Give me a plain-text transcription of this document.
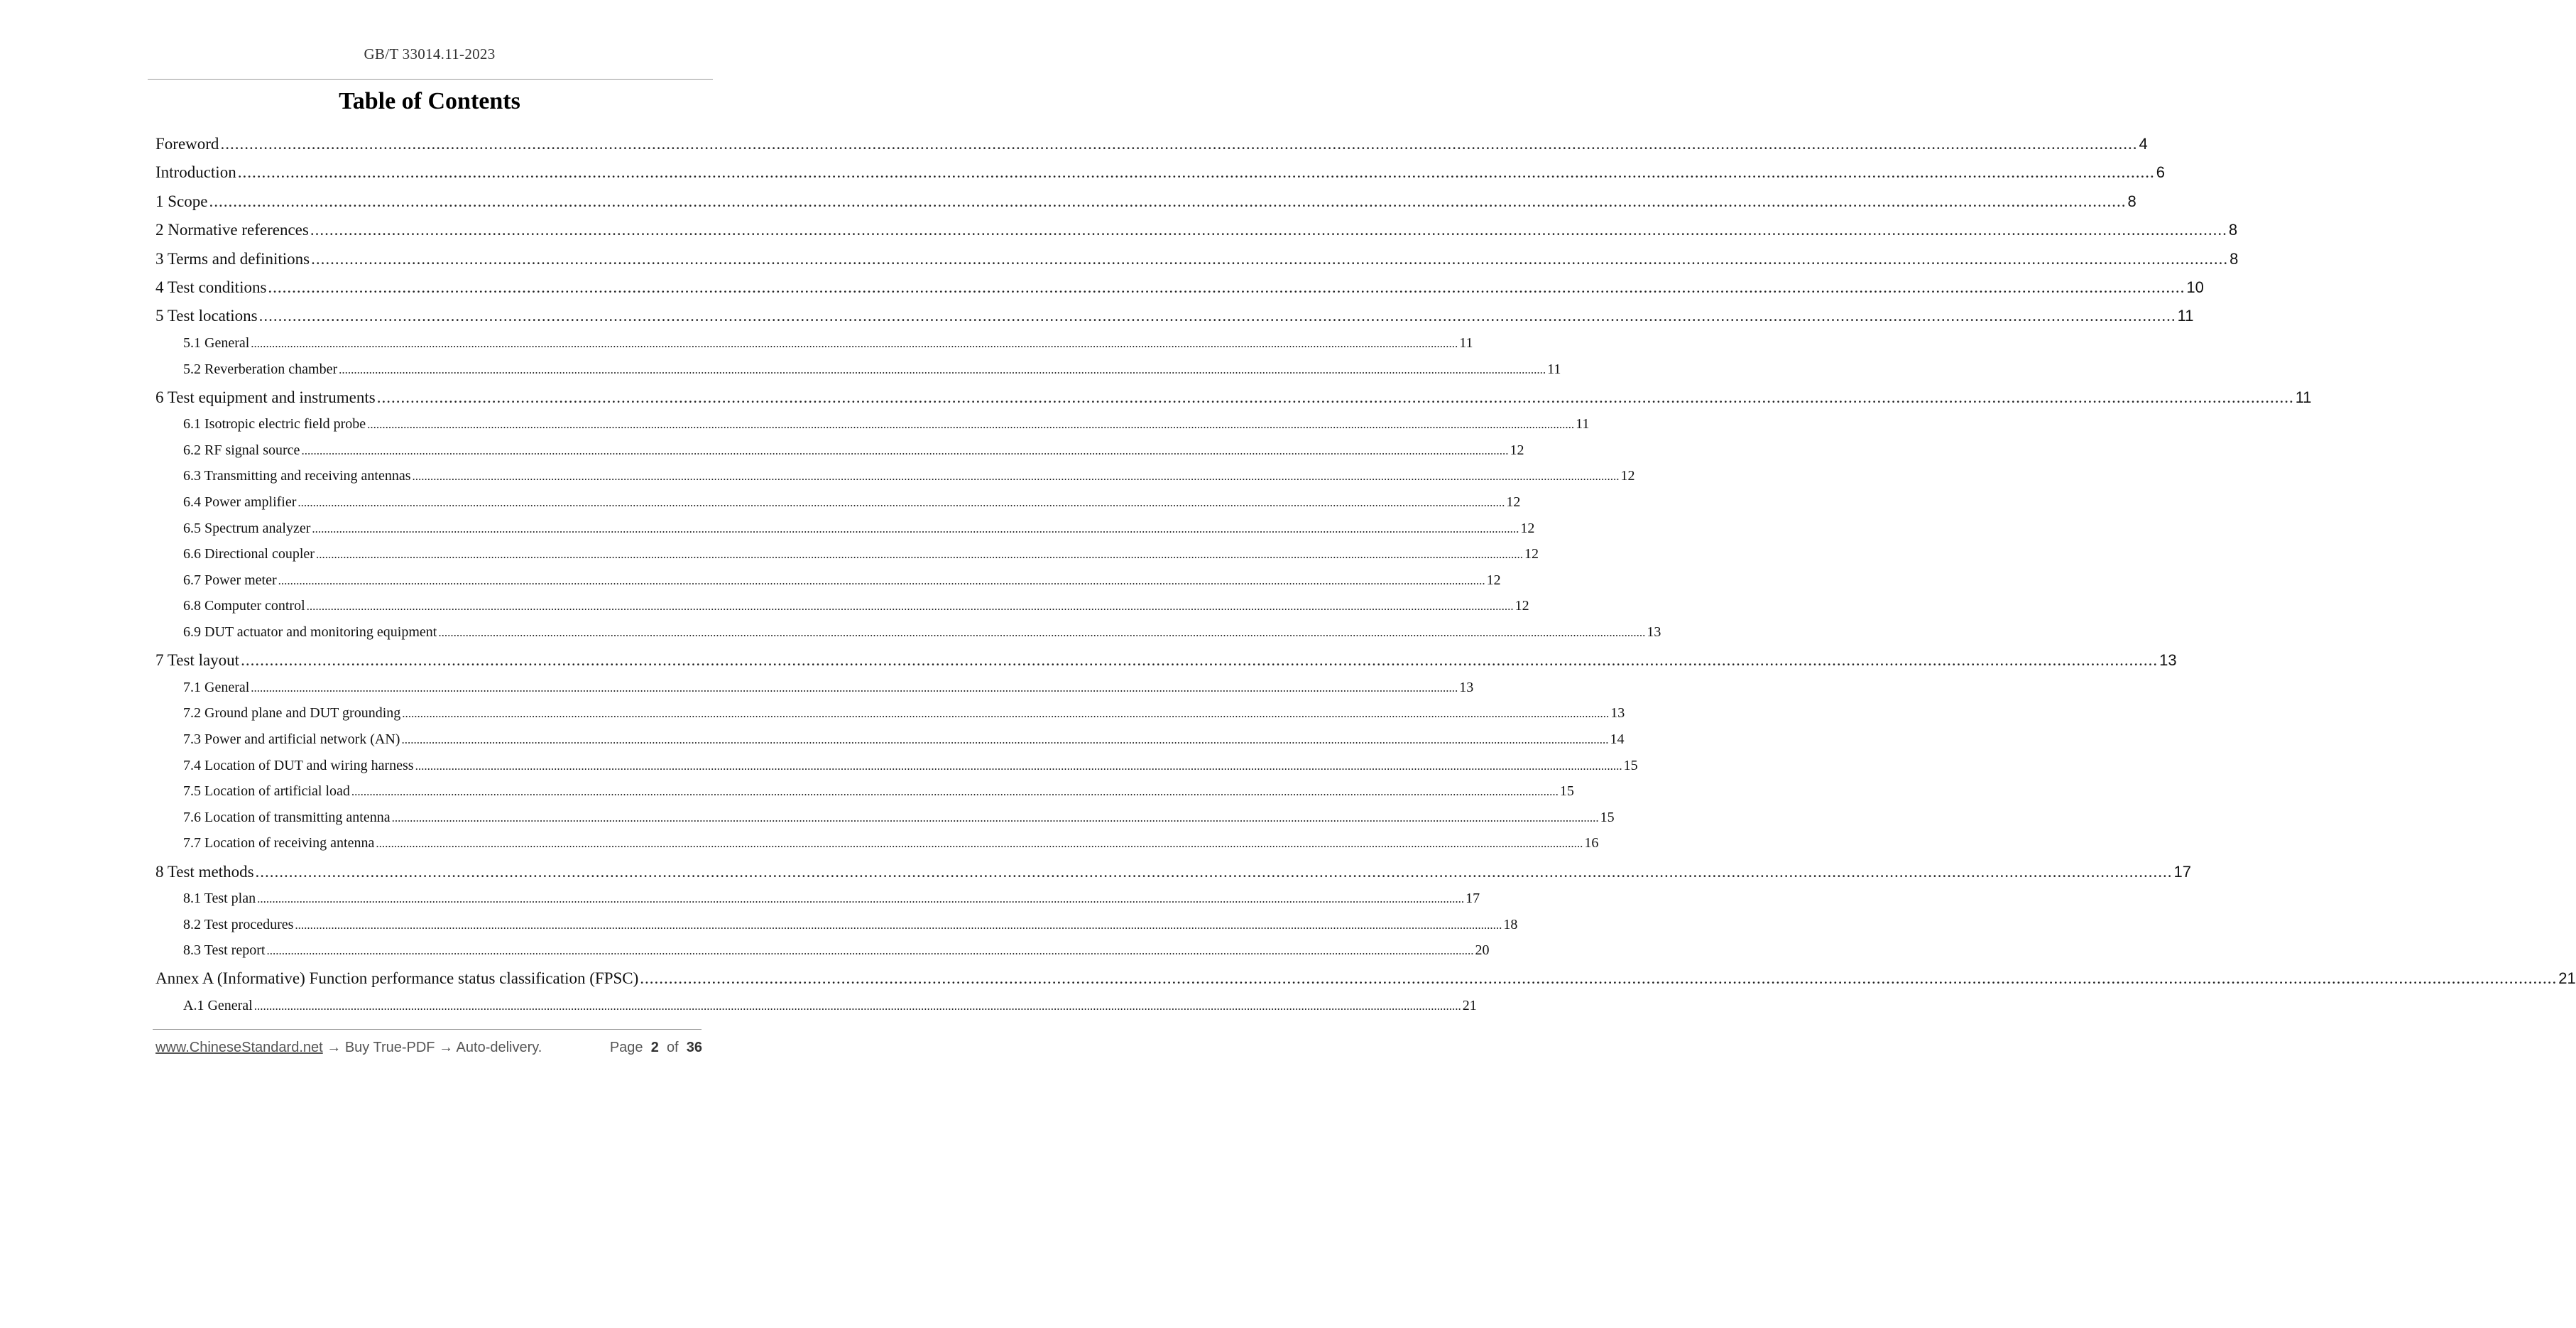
GB/T 33014.11-2023
Table of Contents
Foreword ................................................................................................................................................................................................................................................................................................................................................................................................................ 4
Introduction ................................................................................................................................................................................................................................................................................................................................................................................................................ 6
1 Scope ................................................................................................................................................................................................................................................................................................................................................................................................................ 8
2 Normative references ................................................................................................................................................................................................................................................................................................................................................................................................................ 8
3 Terms and definitions ................................................................................................................................................................................................................................................................................................................................................................................................................ 8
4 Test conditions ................................................................................................................................................................................................................................................................................................................................................................................................................ 10
5 Test locations ................................................................................................................................................................................................................................................................................................................................................................................................................ 11
5.1 General ................................................................................................................................................................................................................................................................................................................................................................................................................ 11
5.2 Reverberation chamber ................................................................................................................................................................................................................................................................................................................................................................................................................ 11
6 Test equipment and instruments ................................................................................................................................................................................................................................................................................................................................................................................................................ 11
6.1 Isotropic electric field probe ................................................................................................................................................................................................................................................................................................................................................................................................................ 11
6.2 RF signal source ................................................................................................................................................................................................................................................................................................................................................................................................................ 12
6.3 Transmitting and receiving antennas ................................................................................................................................................................................................................................................................................................................................................................................................................ 12
6.4 Power amplifier ................................................................................................................................................................................................................................................................................................................................................................................................................ 12
6.5 Spectrum analyzer ................................................................................................................................................................................................................................................................................................................................................................................................................ 12
6.6 Directional coupler ................................................................................................................................................................................................................................................................................................................................................................................................................ 12
6.7 Power meter ................................................................................................................................................................................................................................................................................................................................................................................................................ 12
6.8 Computer control ................................................................................................................................................................................................................................................................................................................................................................................................................ 12
6.9 DUT actuator and monitoring equipment ................................................................................................................................................................................................................................................................................................................................................................................................................ 13
7 Test layout ................................................................................................................................................................................................................................................................................................................................................................................................................ 13
7.1 General ................................................................................................................................................................................................................................................................................................................................................................................................................ 13
7.2 Ground plane and DUT grounding ................................................................................................................................................................................................................................................................................................................................................................................................................ 13
7.3 Power and artificial network (AN) ................................................................................................................................................................................................................................................................................................................................................................................................................ 14
7.4 Location of DUT and wiring harness ................................................................................................................................................................................................................................................................................................................................................................................................................ 15
7.5 Location of artificial load ................................................................................................................................................................................................................................................................................................................................................................................................................ 15
7.6 Location of transmitting antenna ................................................................................................................................................................................................................................................................................................................................................................................................................ 15
7.7 Location of receiving antenna ................................................................................................................................................................................................................................................................................................................................................................................................................ 16
8 Test methods ................................................................................................................................................................................................................................................................................................................................................................................................................ 17
8.1 Test plan ................................................................................................................................................................................................................................................................................................................................................................................................................ 17
8.2 Test procedures ................................................................................................................................................................................................................................................................................................................................................................................................................ 18
8.3 Test report ................................................................................................................................................................................................................................................................................................................................................................................................................ 20
Annex A (Informative) Function performance status classification (FPSC) ................................................................................................................................................................................................................................................................................................................................................................................................................ 21
A.1 General ................................................................................................................................................................................................................................................................................................................................................................................................................ 21
www.ChineseStandard.net → Buy True-PDF → Auto-delivery.	Page 2 of 36
